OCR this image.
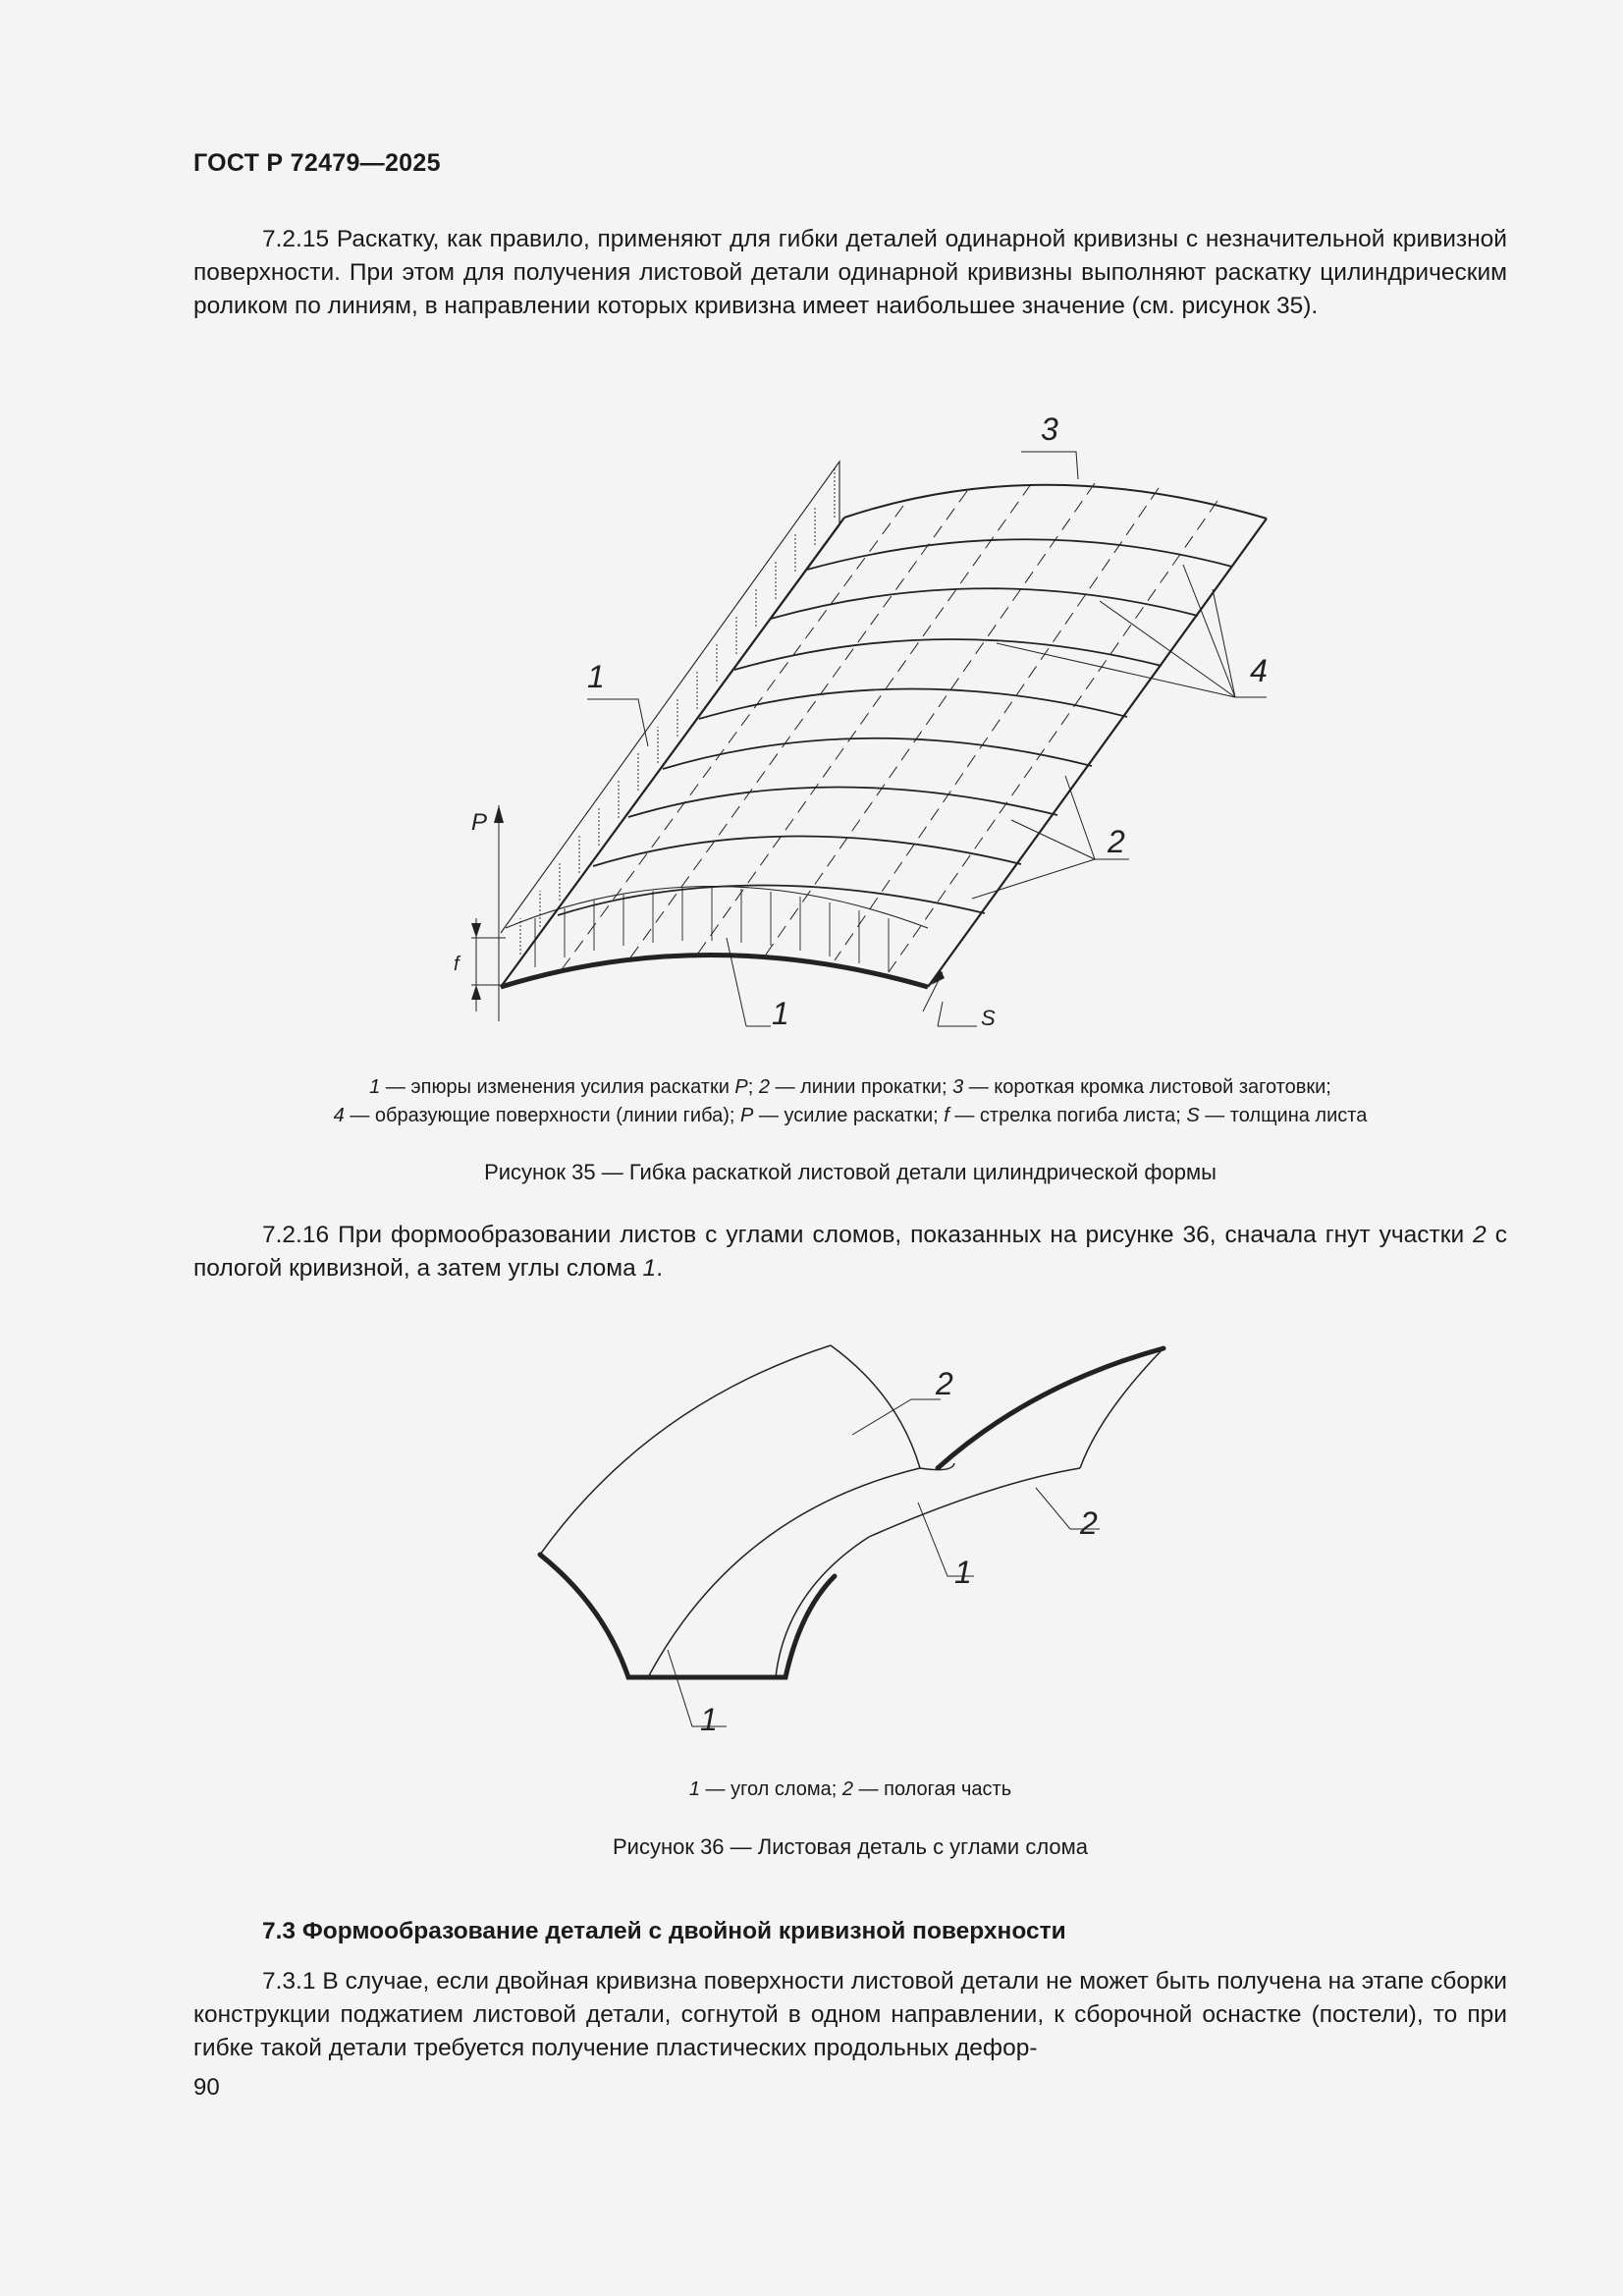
ГОСТ Р 72479—2025
7.2.15 Раскатку, как правило, применяют для гибки деталей одинарной кривизны с незначительной кривизной поверхности. При этом для получения листовой детали одинарной кривизны выполняют раскатку цилиндрическим роликом по линиям, в направлении которых кривизна имеет наибольшее значение (см. рисунок 35).
3
4
1
2
1
P
f
S
1 — эпюры изменения усилия раскатки P; 2 — линии прокатки; 3 — короткая кромка листовой заготовки;
4 — образующие поверхности (линии гиба); P — усилие раскатки; f — стрелка погиба листа; S — толщина листа
Рисунок 35 — Гибка раскаткой листовой детали цилиндрической формы
7.2.16 При формообразовании листов с углами сломов, показанных на рисунке 36, сначала гнут участки 2 с пологой кривизной, а затем углы слома 1.
2
2
1
1
1 — угол слома; 2 — пологая часть
Рисунок 36 — Листовая деталь с углами слома
7.3 Формообразование деталей с двойной кривизной поверхности
7.3.1 В случае, если двойная кривизна поверхности листовой детали не может быть получена на этапе сборки конструкции поджатием листовой детали, согнутой в одном направлении, к сборочной оснастке (постели), то при гибке такой детали требуется получение пластических продольных дефор-
90
